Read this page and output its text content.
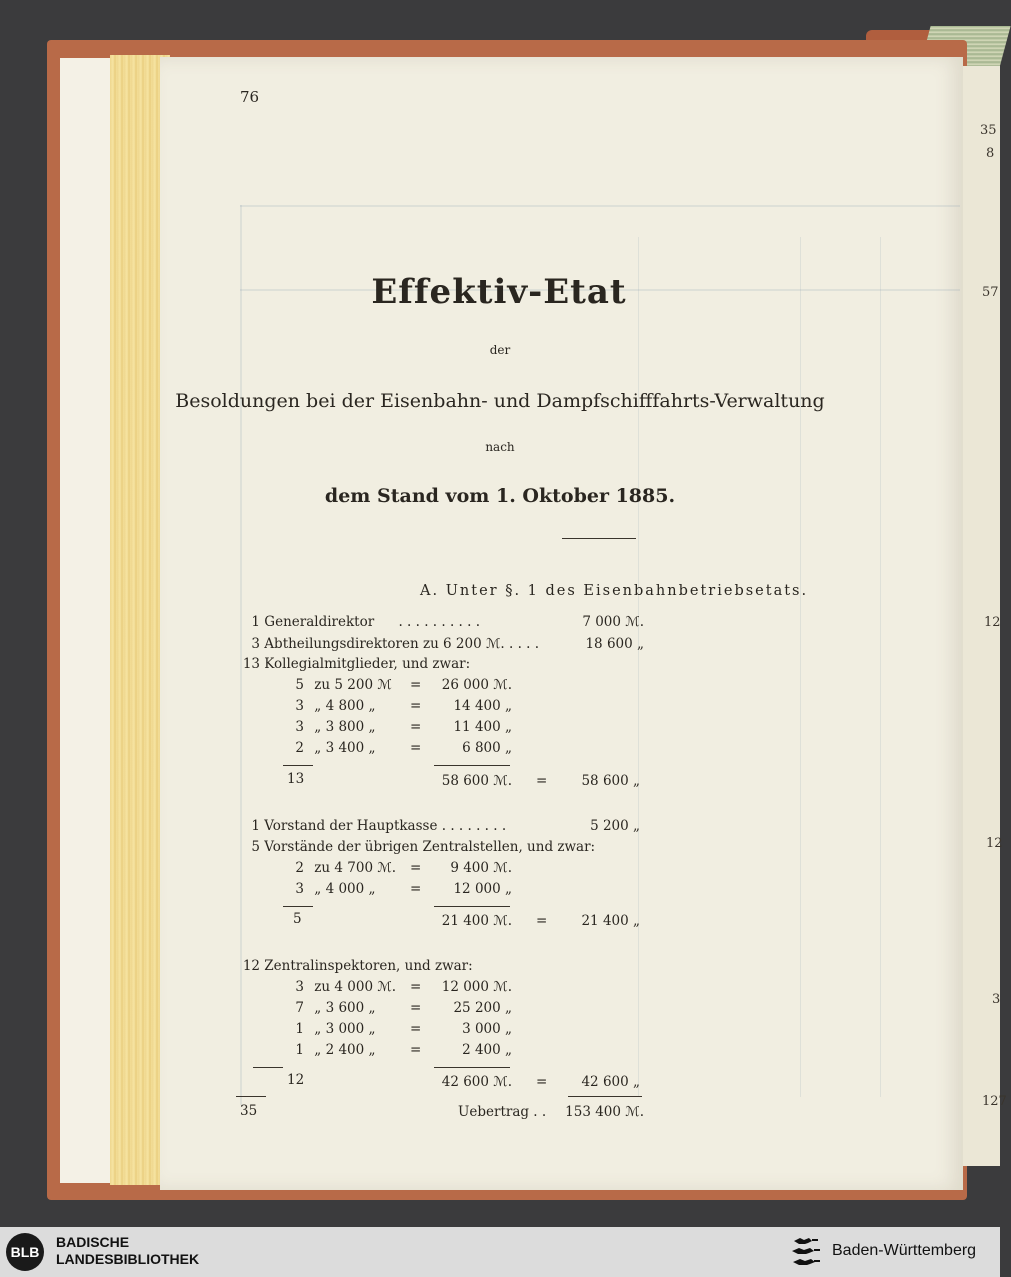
35
8
57
12
12
3
127
76
Effektiv-Etat
der
Besoldungen bei der Eisenbahn- und Dampfschifffahrts-Verwaltung
nach
dem Stand vom 1. Oktober 1885.
A. Unter §. 1 des Eisenbahnbetriebsetats.
1 Generaldirektor . . . . . . . . . .	7 000 ℳ.
3 Abtheilungsdirektoren zu 6 200 ℳ. . . . .	18 600 „
13 Kollegialmitglieder, und zwar:
5 zu 5 200 ℳ	=	26 000 ℳ.
3 „ 4 800 „	=	14 400 „
3 „ 3 800 „	=	11 400 „
2 „ 3 400 „	=	6 800 „
13	58 600 ℳ. =	58 600 „
1 Vorstand der Hauptkasse . . . . . . . .	5 200 „
5 Vorstände der übrigen Zentralstellen, und zwar:
2 zu 4 700 ℳ.	=	9 400 ℳ.
3 „ 4 000 „	=	12 000 „
5	21 400 ℳ. =	21 400 „
12 Zentralinspektoren, und zwar:
3 zu 4 000 ℳ.	=	12 000 ℳ.
7 „ 3 600 „	=	25 200 „
1 „ 3 000 „	=	3 000 „
1 „ 2 400 „	=	2 400 „
12	42 600 ℳ. =	42 600 „
35	Uebertrag . .	153 400 ℳ.
BLB
BADISCHE
LANDESBIBLIOTHEK	Baden-Württemberg
